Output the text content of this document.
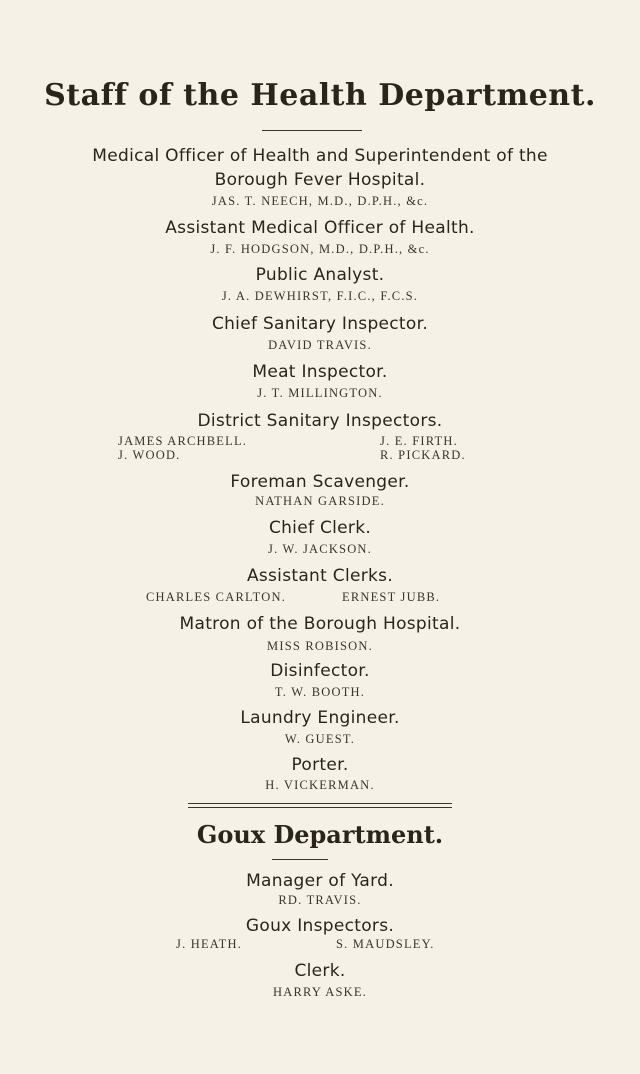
Staff of the Health Department.
Medical Officer of Health and Superintendent of the
Borough Fever Hospital.
JAS. T. NEECH, M.D., D.P.H., &c.
Assistant Medical Officer of Health.
J. F. HODGSON, M.D., D.P.H., &c.
Public Analyst.
J. A. DEWHIRST, F.I.C., F.C.S.
Chief Sanitary Inspector.
DAVID TRAVIS.
Meat Inspector.
J. T. MILLINGTON.
District Sanitary Inspectors.
JAMES ARCHBELL.	J. E. FIRTH.
J. WOOD.	R. PICKARD.
Foreman Scavenger.
NATHAN GARSIDE.
Chief Clerk.
J. W. JACKSON.
Assistant Clerks.
CHARLES CARLTON.	ERNEST JUBB.
Matron of the Borough Hospital.
MISS ROBISON.
Disinfector.
T. W. BOOTH.
Laundry Engineer.
W. GUEST.
Porter.
H. VICKERMAN.
Goux Department.
Manager of Yard.
RD. TRAVIS.
Goux Inspectors.
J. HEATH.	S. MAUDSLEY.
Clerk.
HARRY ASKE.
